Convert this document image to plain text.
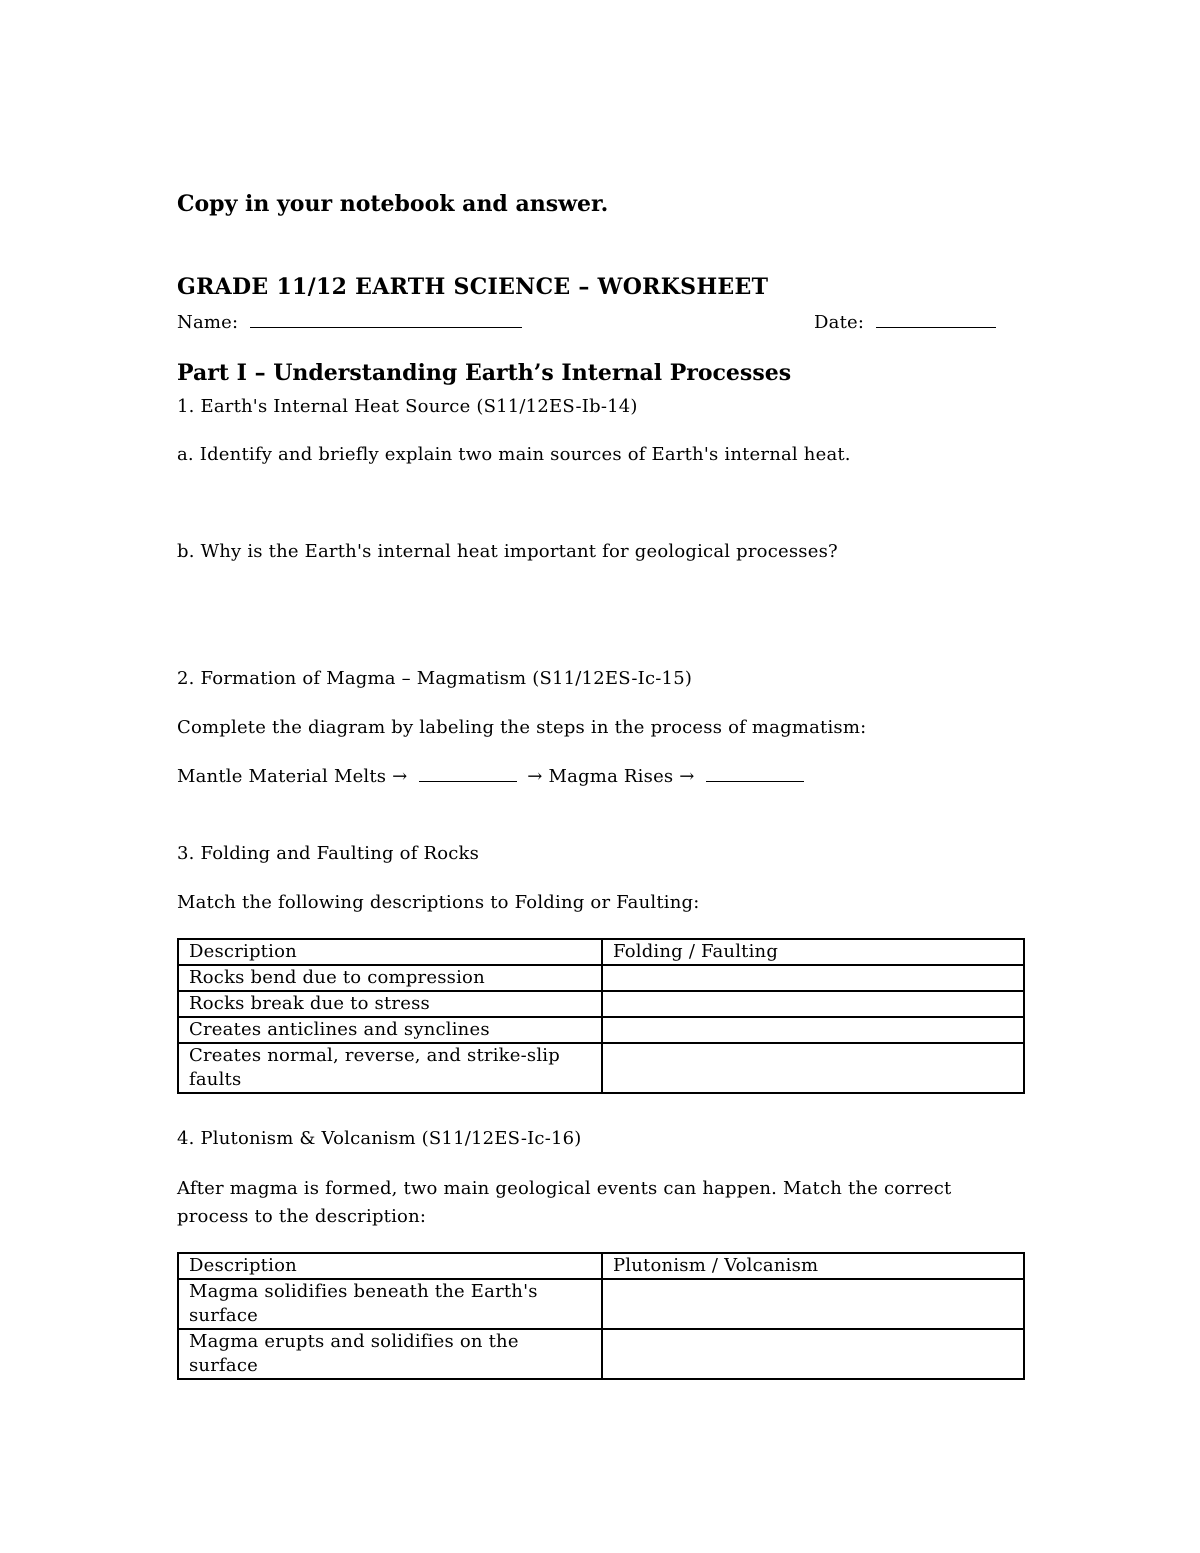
Copy in your notebook and answer.
GRADE 11/12 EARTH SCIENCE – WORKSHEET
Name:	Date:
Part I – Understanding Earth’s Internal Processes
1. Earth's Internal Heat Source (S11/12ES-Ib-14)
a. Identify and briefly explain two main sources of Earth's internal heat.
b. Why is the Earth's internal heat important for geological processes?
2. Formation of Magma – Magmatism (S11/12ES-Ic-15)
Complete the diagram by labeling the steps in the process of magmatism:
Mantle Material Melts →	→ Magma Rises →
3. Folding and Faulting of Rocks
Match the following descriptions to Folding or Faulting:
Description	Folding / Faulting
Rocks bend due to compression	
Rocks break due to stress	
Creates anticlines and synclines	
Creates normal, reverse, and strike-slip faults	
4. Plutonism & Volcanism (S11/12ES-Ic-16)
After magma is formed, two main geological events can happen. Match the correct
process to the description:
Description	Plutonism / Volcanism
Magma solidifies beneath the Earth's surface	
Magma erupts and solidifies on the surface	
